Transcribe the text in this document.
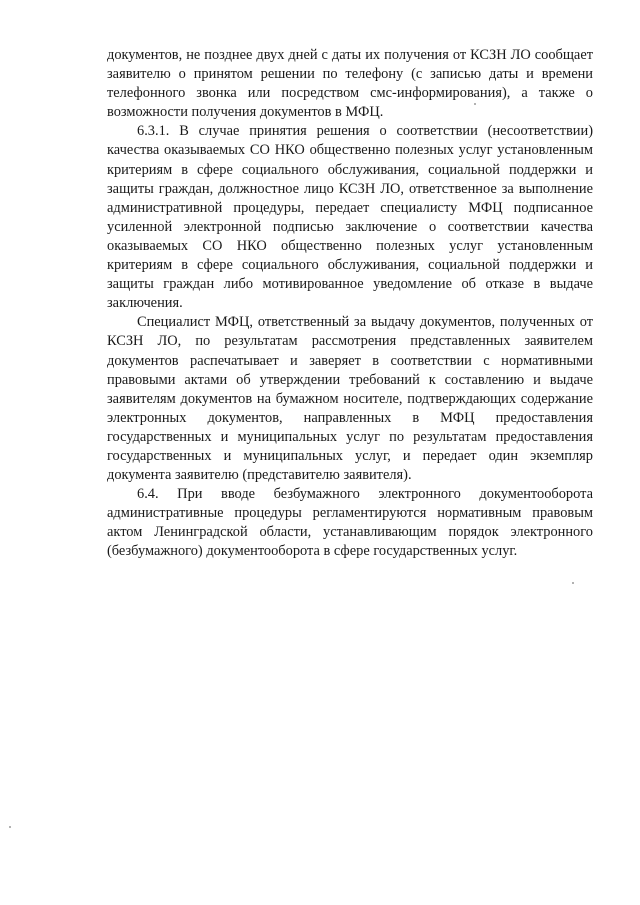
документов, не позднее двух дней с даты их получения от КСЗН ЛО сообщает заявителю о принятом решении по телефону (с записью даты и времени телефонного звонка или посредством смс-информирования), а также о возможности получения документов в МФЦ.

6.3.1. В случае принятия решения о соответствии (несоответствии) качества оказываемых СО НКО общественно полезных услуг установленным критериям в сфере социального обслуживания, социальной поддержки и защиты граждан, должностное лицо КСЗН ЛО, ответственное за выполнение административной процедуры, передает специалисту МФЦ подписанное усиленной электронной подписью заключение о соответствии качества оказываемых СО НКО общественно полезных услуг установленным критериям в сфере социального обслуживания, социальной поддержки и защиты граждан либо мотивированное уведомление об отказе в выдаче заключения.

Специалист МФЦ, ответственный за выдачу документов, полученных от КСЗН ЛО, по результатам рассмотрения представленных заявителем документов распечатывает и заверяет в соответствии с нормативными правовыми актами об утверждении требований к составлению и выдаче заявителям документов на бумажном носителе, подтверждающих содержание электронных документов, направленных в МФЦ предоставления государственных и муниципальных услуг по результатам предоставления государственных и муниципальных услуг, и передает один экземпляр документа заявителю (представителю заявителя).

6.4. При вводе безбумажного электронного документооборота административные процедуры регламентируются нормативным правовым актом Ленинградской области, устанавливающим порядок электронного (безбумажного) документооборота в сфере государственных услуг.
